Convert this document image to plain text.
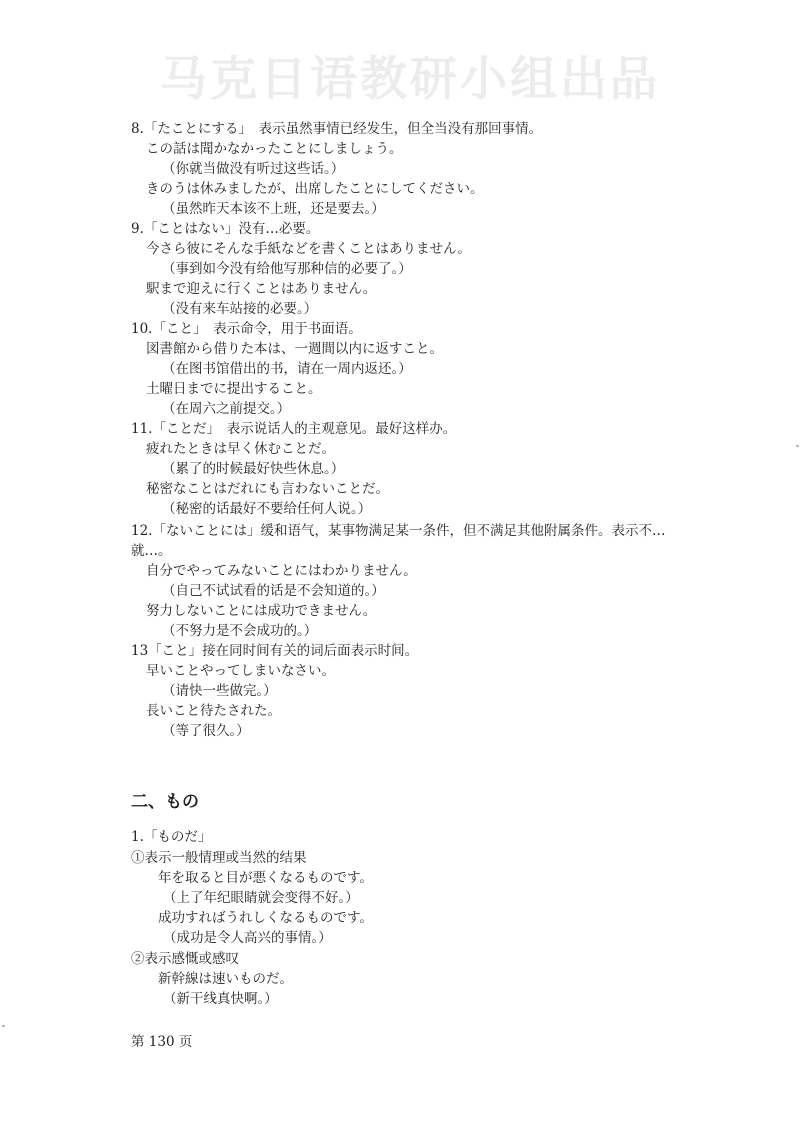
马克日语教研小组出品
8.「たことにする」　表示虽然事情已经发生，但全当没有那回事情。
この話は聞かなかったことにしましょう。
（你就当做没有听过这些话。）
きのうは休みましたが、出席したことにしてください。
（虽然昨天本该不上班，还是要去。）
9.「ことはない」没有…必要。
今さら彼にそんな手紙などを書くことはありません。
（事到如今没有给他写那种信的必要了。）
駅まで迎えに行くことはありません。
（没有来车站接的必要。）
10.「こと」　表示命令，用于书面语。
図書館から借りた本は、一週間以内に返すこと。
（在图书馆借出的书，请在一周内返还。）
土曜日までに提出すること。
（在周六之前提交。）
11.「ことだ」　表示说话人的主观意见。最好这样办。
疲れたときは早く休むことだ。
（累了的时候最好快些休息。）
秘密なことはだれにも言わないことだ。
（秘密的话最好不要给任何人说。）
12.「ないことには」缓和语气，某事物满足某一条件，但不满足其他附属条件。表示不…就…。
自分でやってみないことにはわかりません。
（自己不试试看的话是不会知道的。）
努力しないことには成功できません。
（不努力是不会成功的。）
13「こと」接在同时间有关的词后面表示时间。
早いことやってしまいなさい。
（请快一些做完。）
長いこと待たされた。
（等了很久。）
二、もの
1.「ものだ」
①表示一般情理或当然的结果
年を取ると目が悪くなるものです。
（上了年纪眼睛就会变得不好。）
成功すればうれしくなるものです。
（成功是令人高兴的事情。）
②表示感慨或感叹
新幹線は速いものだ。
（新干线真快啊。）
第 130 页
